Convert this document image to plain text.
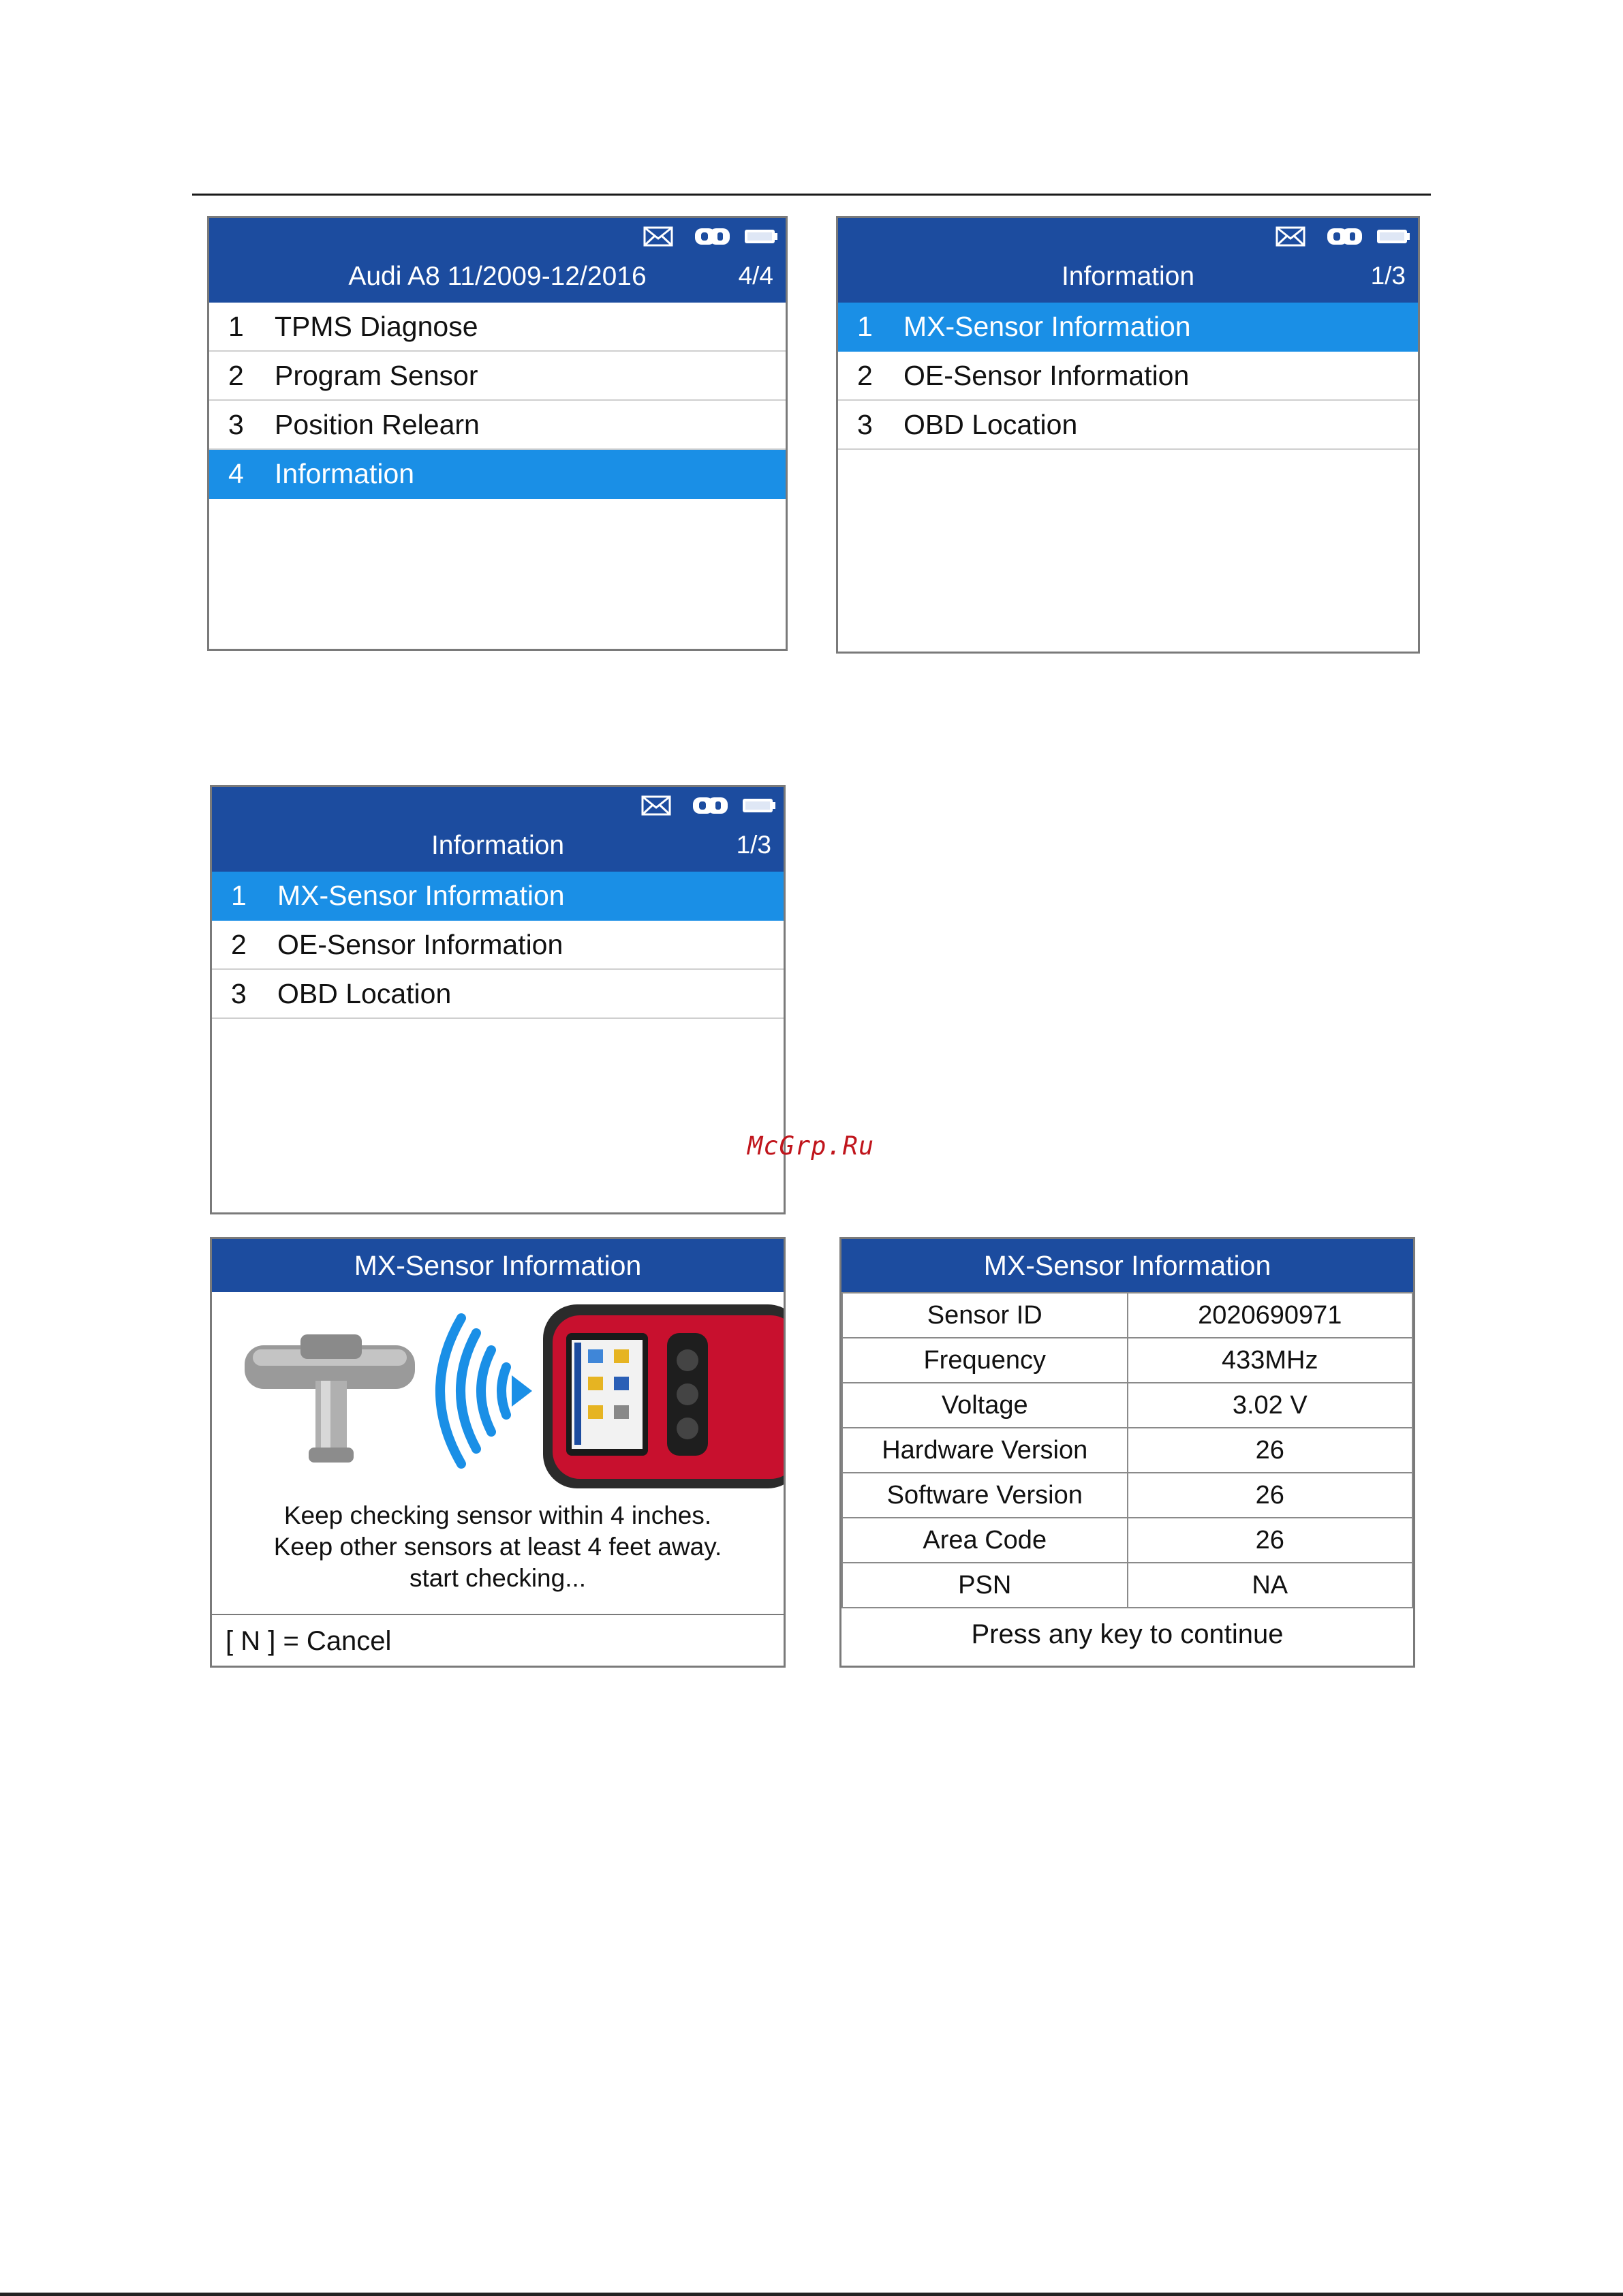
Audi A8 11/2009-12/2016	4/4
1	TPMS Diagnose
2	Program Sensor
3	Position Relearn
4	Information
Information	1/3
1	MX-Sensor Information
2	OE-Sensor Information
3	OBD Location
Information	1/3
1	MX-Sensor Information
2	OE-Sensor Information
3	OBD Location
McGrp.Ru
MX-Sensor Information
Keep checking sensor within 4 inches.
Keep other sensors at least 4 feet away.
start checking...
[ N ] = Cancel
MX-Sensor Information
Sensor ID	2020690971
Frequency	433MHz
Voltage	3.02 V
Hardware Version	26
Software Version	26
Area Code	26
PSN	NA
Press any key to continue
